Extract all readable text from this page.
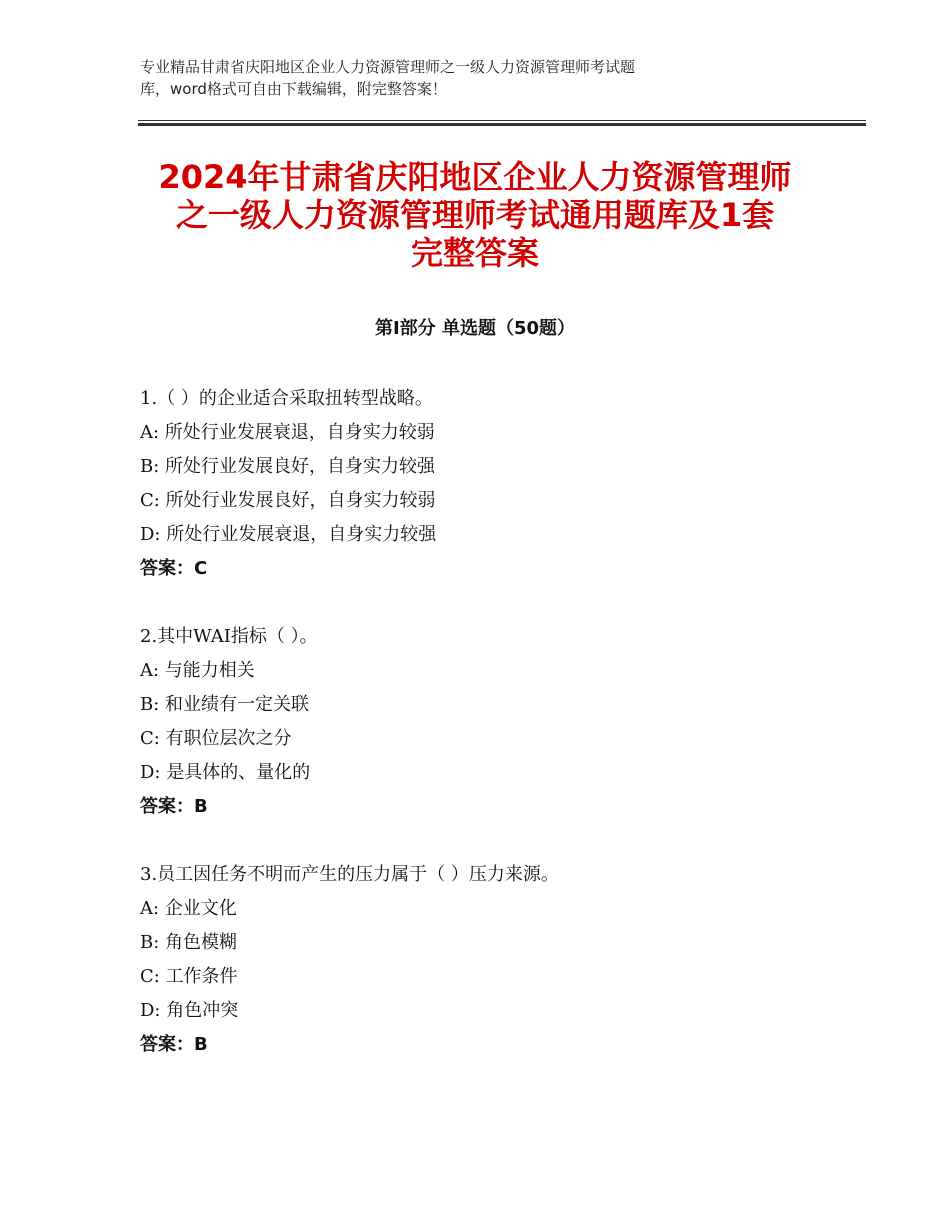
专业精品甘肃省庆阳地区企业人力资源管理师之一级人力资源管理师考试题
库，word格式可自由下载编辑，附完整答案！
2024年甘肃省庆阳地区企业人力资源管理师
之一级人力资源管理师考试通用题库及1套
完整答案
第Ⅰ部分 单选题（50题）
1.（ ）的企业适合采取扭转型战略。
A: 所处行业发展衰退，自身实力较弱
B: 所处行业发展良好，自身实力较强
C: 所处行业发展良好，自身实力较弱
D: 所处行业发展衰退，自身实力较强
答案：C
2.其中WAI指标（ ）。
A: 与能力相关
B: 和业绩有一定关联
C: 有职位层次之分
D: 是具体的、量化的
答案：B
3.员工因任务不明而产生的压力属于（ ）压力来源。
A: 企业文化
B: 角色模糊
C: 工作条件
D: 角色冲突
答案：B
